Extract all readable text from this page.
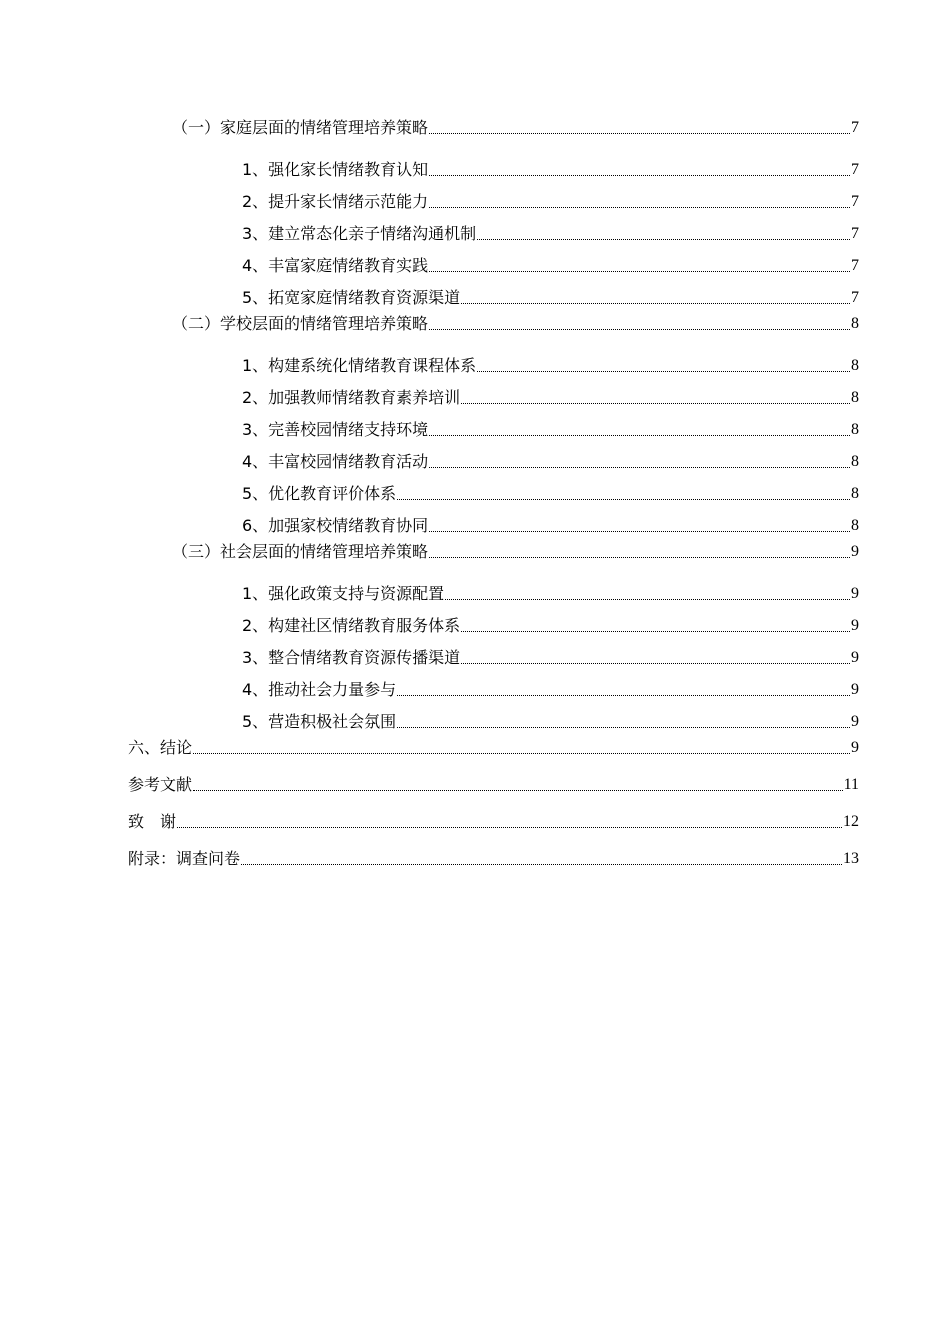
（一）家庭层面的情绪管理培养策略	7
1、强化家长情绪教育认知	7
2、提升家长情绪示范能力	7
3、建立常态化亲子情绪沟通机制	7
4、丰富家庭情绪教育实践	7
5、拓宽家庭情绪教育资源渠道	7
（二）学校层面的情绪管理培养策略	8
1、构建系统化情绪教育课程体系	8
2、加强教师情绪教育素养培训	8
3、完善校园情绪支持环境	8
4、丰富校园情绪教育活动	8
5、优化教育评价体系	8
6、加强家校情绪教育协同	8
（三）社会层面的情绪管理培养策略	9
1、强化政策支持与资源配置	9
2、构建社区情绪教育服务体系	9
3、整合情绪教育资源传播渠道	9
4、推动社会力量参与	9
5、营造积极社会氛围	9
六、结论	9
参考文献	11
致　谢	12
附录：调查问卷	13
